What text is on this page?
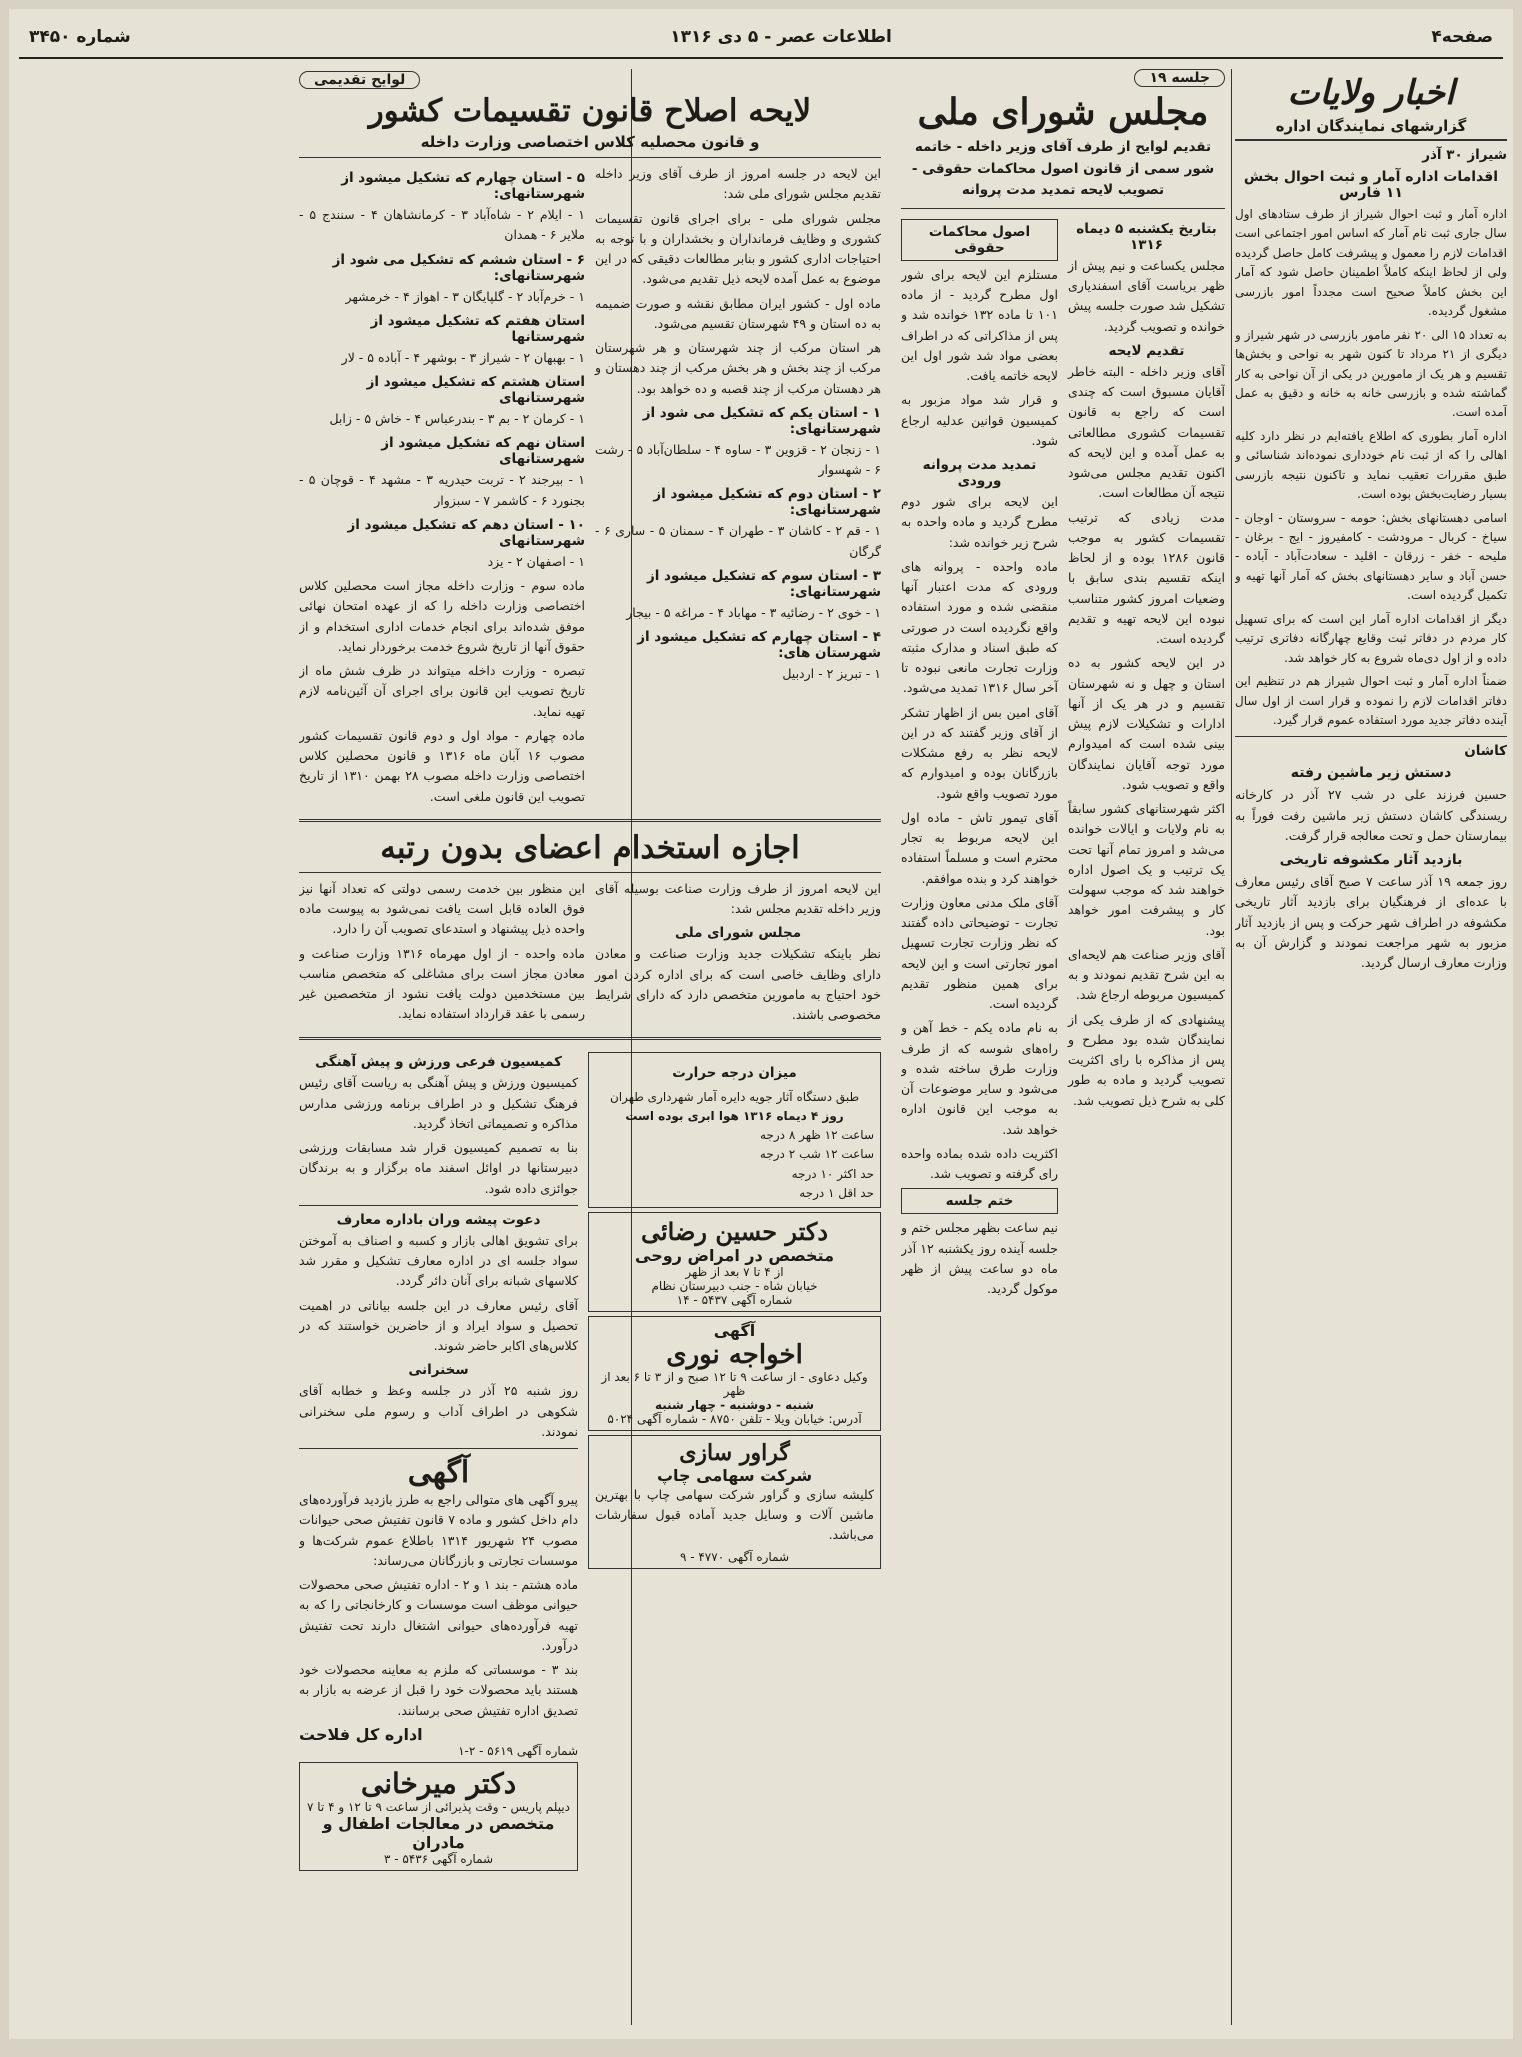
صفحه۴
اطلاعات عصر - ۵ دی ۱۳۱۶
شماره ۳۴۵۰
اخبار ولایات
گزارشهای نمایندگان اداره
شیراز ۳۰ آذر
اقدامات اداره آمار و ثبت احوال بخش ۱۱ فارس

اداره آمار و ثبت احوال شیراز از طرف ستادهای اول سال جاری ثبت نام آمار که اساس امور اجتماعی است اقدامات لازم را معمول و پیشرفت کامل حاصل گردیده ولی از لحاظ اینکه کاملاً اطمینان حاصل شود که آمار این بخش کاملاً صحیح است مجدداً امور بازرسی مشغول گردیده.

به تعداد ۱۵ الی ۲۰ نفر مامور بازرسی در شهر شیراز و دیگری از ۲۱ مرداد تا کنون شهر به نواحی و بخش‌ها تقسیم و هر یک از مامورین در یکی از آن نواحی به کار گماشته شده و بازرسی خانه به خانه و دقیق به عمل آمده است.

اداره آمار بطوری که اطلاع یافته‌ایم در نظر دارد کلیه اهالی را که از ثبت نام خودداری نموده‌اند شناسائی و طبق مقررات تعقیب نماید و تاکنون نتیجه بازرسی بسیار رضایت‌بخش بوده است.

اسامی دهستانهای بخش: حومه - سروستان - اوجان - سیاخ - کربال - مرودشت - کامفیروز - ایج - برغان - ملیحه - خفر - زرقان - اقلید - سعادت‌آباد - آباده - حسن آباد و سایر دهستانهای بخش که آمار آنها تهیه و تکمیل گردیده است.

دیگر از اقدامات اداره آمار این است که برای تسهیل کار مردم در دفاتر ثبت وقایع چهارگانه دفاتری ترتیب داده و از اول دی‌ماه شروع به کار خواهد شد.

ضمناً اداره آمار و ثبت احوال شیراز هم در تنظیم این دفاتر اقدامات لازم را نموده و قرار است از اول سال آینده دفاتر جدید مورد استفاده عموم قرار گیرد.

کاشان
دستش زیر ماشین رفته

حسین فرزند علی در شب ۲۷ آذر در کارخانه ریسندگی کاشان دستش زیر ماشین رفت فوراً به بیمارستان حمل و تحت معالجه قرار گرفت.

بازدید آثار مکشوفه تاریخی

روز جمعه ۱۹ آذر ساعت ۷ صبح آقای رئیس معارف با عده‌ای از فرهنگیان برای بازدید آثار تاریخی مکشوفه در اطراف شهر حرکت و پس از بازدید آثار مزبور به شهر مراجعت نمودند و گزارش آن به وزارت معارف ارسال گردید.

جلسه ۱۹
مجلس شورای ملی
تقدیم لوایح از طرف آقای وزیر داخله - خاتمه شور سمی از قانون اصول محاکمات حقوقی - تصویب لایحه تمدید مدت پروانه
بتاریخ یکشنبه ۵ دیماه ۱۳۱۶

مجلس یکساعت و نیم پیش از ظهر بریاست آقای اسفندیاری تشکیل شد صورت جلسه پیش خوانده و تصویب گردید.

تقدیم لایحه

آقای وزیر داخله - البته خاطر آقایان مسبوق است که چندی است که راجع به قانون تقسیمات کشوری مطالعاتی به عمل آمده و این لایحه که اکنون تقدیم مجلس می‌شود نتیجه آن مطالعات است.

مدت زیادی که ترتیب تقسیمات کشور به موجب قانون ۱۲۸۶ بوده و از لحاظ اینکه تقسیم بندی سابق با وضعیات امروز کشور متناسب نبوده این لایحه تهیه و تقدیم گردیده است.

در این لایحه کشور به ده استان و چهل و نه شهرستان تقسیم و در هر یک از آنها ادارات و تشکیلات لازم پیش بینی شده است که امیدوارم مورد توجه آقایان نمایندگان واقع و تصویب شود.

اکثر شهرستانهای کشور سابقاً به نام ولایات و ایالات خوانده می‌شد و امروز تمام آنها تحت یک ترتیب و یک اصول اداره خواهند شد که موجب سهولت کار و پیشرفت امور خواهد بود.

آقای وزیر صناعت هم لایحه‌ای به این شرح تقدیم نمودند و به کمیسیون مربوطه ارجاع شد.

پیشنهادی که از طرف یکی از نمایندگان شده بود مطرح و پس از مذاکره با رای اکثریت تصویب گردید و ماده به طور کلی به شرح ذیل تصویب شد.

اصول محاکمات حقوقی

مستلزم این لایحه برای شور اول مطرح گردید - از ماده ۱۰۱ تا ماده ۱۳۲ خوانده شد و پس از مذاکراتی که در اطراف بعضی مواد شد شور اول این لایحه خاتمه یافت.

و قرار شد مواد مزبور به کمیسیون قوانین عدلیه ارجاع شود.

تمدید مدت پروانه ورودی

این لایحه برای شور دوم مطرح گردید و ماده واحده به شرح زیر خوانده شد:

ماده واحده - پروانه های ورودی که مدت اعتبار آنها منقضی شده و مورد استفاده واقع نگردیده است در صورتی که طبق اسناد و مدارک مثبته وزارت تجارت مانعی نبوده تا آخر سال ۱۳۱۶ تمدید می‌شود.

آقای امین بس از اظهار تشکر از آقای وزیر گفتند که در این لایحه نظر به رفع مشکلات بازرگانان بوده و امیدوارم که مورد تصویب واقع شود.

آقای تیمور تاش - ماده اول این لایحه مربوط به تجار محترم است و مسلماً استفاده خواهند کرد و بنده موافقم.

آقای ملک مدنی معاون وزارت تجارت - توضیحاتی داده گفتند که نظر وزارت تجارت تسهیل امور تجارتی است و این لایحه برای همین منظور تقدیم گردیده است.

به نام ماده یکم - خط آهن و راه‌های شوسه که از طرف وزارت طرق ساخته شده و می‌شود و سایر موضوعات آن به موجب این قانون اداره خواهد شد.

اکثریت داده شده بماده واحده رای گرفته و تصویب شد.

ختم جلسه

نیم ساعت بظهر مجلس ختم و جلسه آینده روز یکشنبه ۱۲ آذر ماه دو ساعت پیش از ظهر موکول گردید.

لوایح تقدیمی
لایحه اصلاح قانون تقسیمات کشور
و قانون محصلیه کلاس اختصاصی وزارت داخله

این لایحه در جلسه امروز از طرف آقای وزیر داخله تقدیم مجلس شورای ملی شد:

مجلس شورای ملی - برای اجرای قانون تقسیمات کشوری و وظایف فرمانداران و بخشداران و با توجه به احتیاجات اداری کشور و بنابر مطالعات دقیقی که در این موضوع به عمل آمده لایحه ذیل تقدیم می‌شود.

ماده اول - کشور ایران مطابق نقشه و صورت ضمیمه به ده استان و ۴۹ شهرستان تقسیم می‌شود.

هر استان مرکب از چند شهرستان و هر شهرستان مرکب از چند بخش و هر بخش مرکب از چند دهستان و هر دهستان مرکب از چند قصبه و ده خواهد بود.

۱ - استان یکم که تشکیل می شود از شهرستانهای:

۱ - زنجان ۲ - قزوین ۳ - ساوه ۴ - سلطان‌آباد ۵ - رشت ۶ - شهسوار

۲ - استان دوم که تشکیل میشود از شهرستانهای:

۱ - قم ۲ - کاشان ۳ - طهران ۴ - سمنان ۵ - ساری ۶ - گرگان

۳ - استان سوم که تشکیل میشود از شهرستانهای:

۱ - خوی ۲ - رضائیه ۳ - مهاباد ۴ - مراغه ۵ - بیجار

۴ - استان چهارم که تشکیل میشود از شهرستان های:

۱ - تبریز ۲ - اردبیل

۵ - استان چهارم که تشکیل میشود از شهرستانهای:

۱ - ایلام ۲ - شاه‌آباد ۳ - کرمانشاهان ۴ - سنندج ۵ - ملایر ۶ - همدان

۶ - استان ششم که تشکیل می شود از شهرستانهای:

۱ - خرم‌آباد ۲ - گلپایگان ۳ - اهواز ۴ - خرمشهر

استان هفتم که تشکیل میشود از شهرستانها

۱ - بهبهان ۲ - شیراز ۳ - بوشهر ۴ - آباده ۵ - لار

استان هشتم که تشکیل میشود از شهرستانهای

۱ - کرمان ۲ - بم ۳ - بندرعباس ۴ - خاش ۵ - زابل

استان نهم که تشکیل میشود از شهرستانهای

۱ - بیرجند ۲ - تربت حیدریه ۳ - مشهد ۴ - قوچان ۵ - بجنورد ۶ - کاشمر ۷ - سبزوار

۱۰ - استان دهم که تشکیل میشود از شهرستانهای

۱ - اصفهان ۲ - یزد

ماده سوم - وزارت داخله مجاز است محصلین کلاس اختصاصی وزارت داخله را که از عهده امتحان نهائی موفق شده‌اند برای انجام خدمات اداری استخدام و از حقوق آنها از تاریخ شروع خدمت برخوردار نماید.

تبصره - وزارت داخله میتواند در ظرف شش ماه از تاریخ تصویب این قانون برای اجرای آن آئین‌نامه لازم تهیه نماید.

ماده چهارم - مواد اول و دوم قانون تقسیمات کشور مصوب ۱۶ آبان ماه ۱۳۱۶ و قانون محصلین کلاس اختصاصی وزارت داخله مصوب ۲۸ بهمن ۱۳۱۰ از تاریخ تصویب این قانون ملغی است.

اجازه استخدام اعضای بدون رتبه

این لایحه امروز از طرف وزارت صناعت بوسیله آقای وزیر داخله تقدیم مجلس شد:

مجلس شورای ملی

نظر باینکه تشکیلات جدید وزارت صناعت و معادن دارای وظایف خاصی است که برای اداره کردن امور خود احتیاج به مامورین متخصص دارد که دارای شرایط مخصوصی باشند.

این منظور بین خدمت رسمی دولتی که تعداد آنها نیز فوق العاده قابل است یافت نمی‌شود به پیوست ماده واحده ذیل پیشنهاد و استدعای تصویب آن را دارد.

ماده واحده - از اول مهرماه ۱۳۱۶ وزارت صناعت و معادن مجاز است برای مشاغلی که متخصص مناسب بین مستخدمین دولت یافت نشود از متخصصین غیر رسمی با عقد قرارداد استفاده نماید.

میزان درجه حرارت
طبق دستگاه آثار جویه دایره آمار شهرداری طهران
روز ۴ دیماه ۱۳۱۶ هوا ابری بوده است
ساعت ۱۲ ظهر ۸ درجه
ساعت ۱۲ شب ۲ درجه
حد اکثر ۱۰ درجه
حد اقل ۱ درجه
دکتر حسین رضائی
متخصص در امراض روحی
از ۴ تا ۷ بعد از ظهر
خیابان شاه - جنب دبیرستان نظام
شماره آگهی ۵۴۳۷ - ۱۴
آگهی
اخواجه نوری
وکیل دعاوی - از ساعت ۹ تا ۱۲ صبح و از ۳ تا ۶ بعد از ظهر
شنبه - دوشنبه - چهار شنبه
آدرس: خیابان ویلا - تلفن ۸۷۵۰ - شماره آگهی ۵۰۲۴
گراور سازی
شرکت سهامی چاپ

کلیشه سازی و گراور شرکت سهامی چاپ با بهترین ماشین آلات و وسایل جدید آماده قبول سفارشات می‌باشد.

شماره آگهی ۴۷۷۰ - ۹
کمیسیون فرعی ورزش و پیش آهنگی

کمیسیون ورزش و پیش آهنگی به ریاست آقای رئیس فرهنگ تشکیل و در اطراف برنامه ورزشی مدارس مذاکره و تصمیماتی اتخاذ گردید.

بنا به تصمیم کمیسیون قرار شد مسابقات ورزشی دبیرستانها در اوائل اسفند ماه برگزار و به برندگان جوائزی داده شود.

دعوت پیشه وران باداره معارف

برای تشویق اهالی بازار و کسبه و اصناف به آموختن سواد جلسه ای در اداره معارف تشکیل و مقرر شد کلاسهای شبانه برای آنان دائر گردد.

آقای رئیس معارف در این جلسه بیاناتی در اهمیت تحصیل و سواد ایراد و از حاضرین خواستند که در کلاس‌های اکابر حاضر شوند.

سخنرانی

روز شنبه ۲۵ آذر در جلسه وعظ و خطابه آقای شکوهی در اطراف آداب و رسوم ملی سخنرانی نمودند.

آگهی

پیرو آگهی های متوالی راجع به طرز بازدید فرآورده‌های دام داخل کشور و ماده ۷ قانون تفتیش صحی حیوانات مصوب ۲۴ شهریور ۱۳۱۴ باطلاع عموم شرکت‌ها و موسسات تجارتی و بازرگانان می‌رساند:

ماده هشتم - بند ۱ و ۲ - اداره تفتیش صحی محصولات حیوانی موظف است موسسات و کارخانجاتی را که به تهیه فرآورده‌های حیوانی اشتغال دارند تحت تفتیش درآورد.

بند ۳ - موسساتی که ملزم به معاینه محصولات خود هستند باید محصولات خود را قبل از عرضه به بازار به تصدیق اداره تفتیش صحی برسانند.

اداره کل فلاحت
شماره آگهی ۵۶۱۹ - ۲-۱
دکتر میرخانی
دیپلم پاریس - وقت پذیرائی از ساعت ۹ تا ۱۲ و ۴ تا ۷
متخصص در معالجات اطفال و مادران
شماره آگهی ۵۴۳۶ - ۳
